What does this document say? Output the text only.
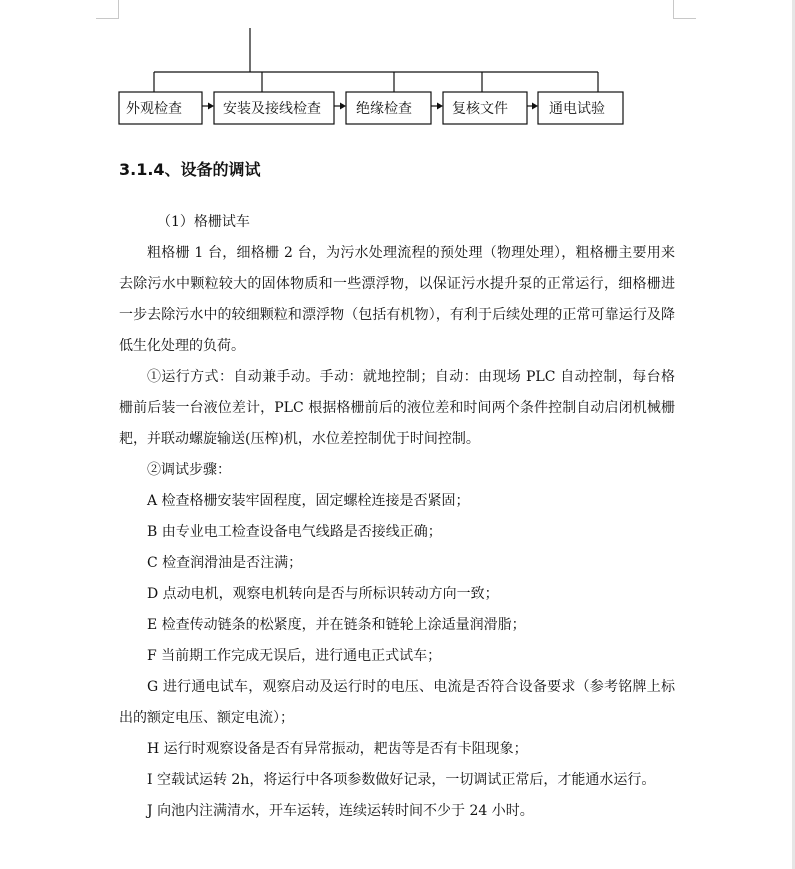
外观检查	安装及接线检查	绝缘检查	复核文件	通电试验
3.1.4、设备的调试

（1）格栅试车

粗格栅 1 台，细格栅 2 台，为污水处理流程的预处理（物理处理），粗格栅主要用来去除污水中颗粒较大的固体物质和一些漂浮物，以保证污水提升泵的正常运行，细格栅进一步去除污水中的较细颗粒和漂浮物（包括有机物），有利于后续处理的正常可靠运行及降低生化处理的负荷。

①运行方式：自动兼手动。手动：就地控制；自动：由现场 PLC 自动控制，每台格栅前后装一台液位差计，PLC 根据格栅前后的液位差和时间两个条件控制自动启闭机械栅耙，并联动螺旋输送(压榨)机，水位差控制优于时间控制。

②调试步骤：

A 检查格栅安装牢固程度，固定螺栓连接是否紧固；

B 由专业电工检查设备电气线路是否接线正确；

C 检查润滑油是否注满；

D 点动电机，观察电机转向是否与所标识转动方向一致；

E 检查传动链条的松紧度，并在链条和链轮上涂适量润滑脂；

F 当前期工作完成无误后，进行通电正式试车；

G 进行通电试车，观察启动及运行时的电压、电流是否符合设备要求（参考铭牌上标出的额定电压、额定电流）；

H 运行时观察设备是否有异常振动，耙齿等是否有卡阻现象；

I 空载试运转 2h，将运行中各项参数做好记录，一切调试正常后，才能通水运行。

J 向池内注满清水，开车运转，连续运转时间不少于 24 小时。
